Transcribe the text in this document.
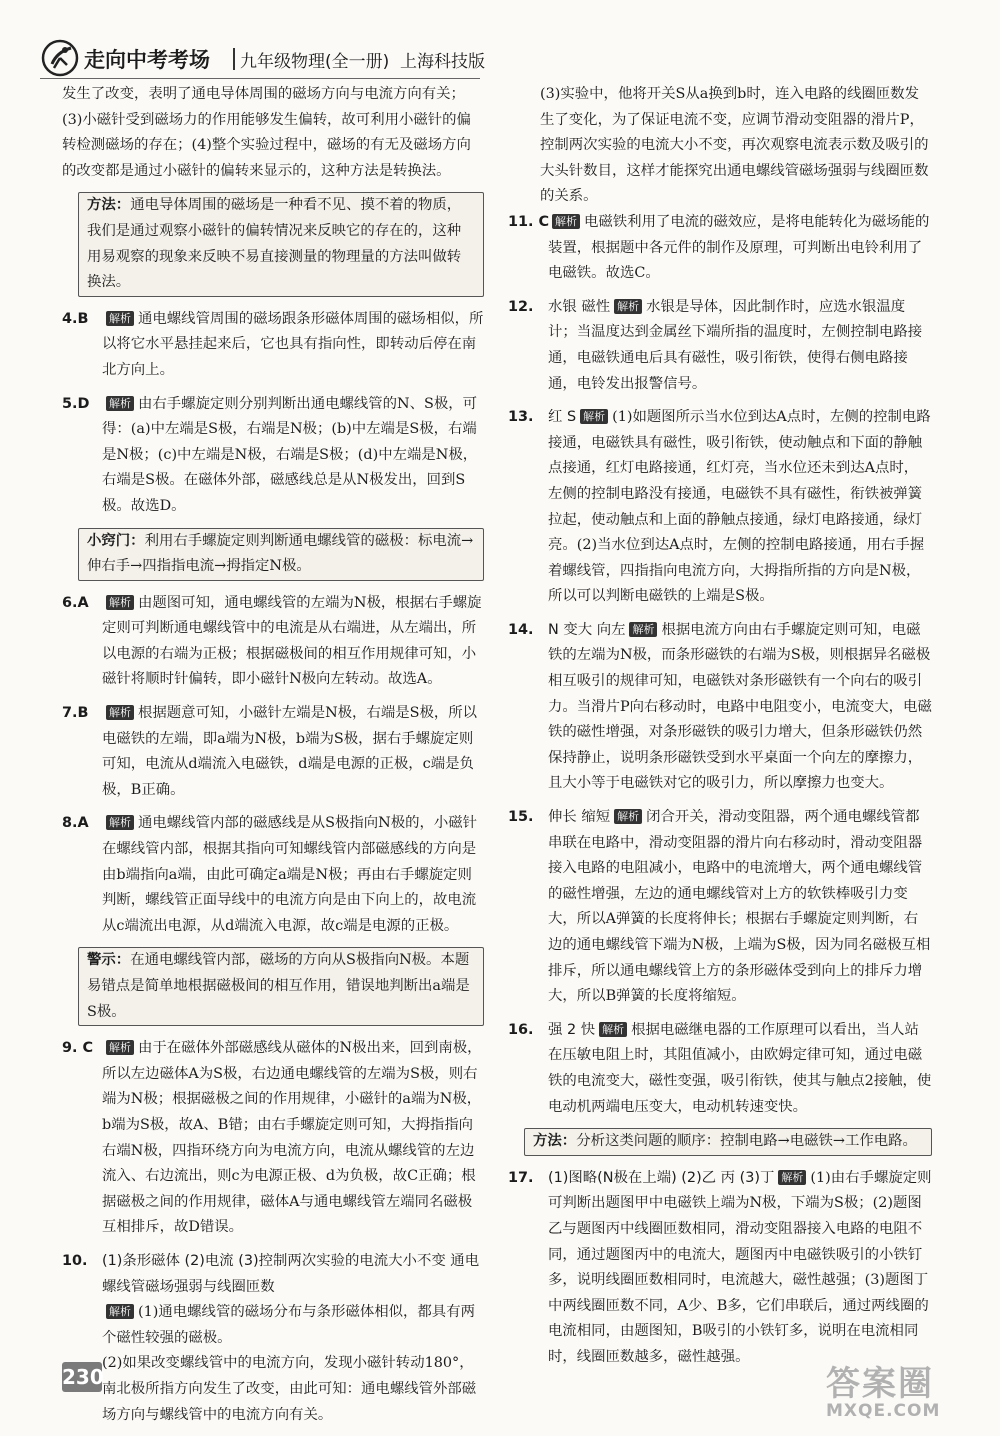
走向中考考场 九年级物理(全一册) 上海科技版

发生了改变，表明了通电导体周围的磁场方向与电流方向有关；(3)小磁针受到磁场力的作用能够发生偏转，故可利用小磁针的偏转检测磁场的存在；(4)整个实验过程中，磁场的有无及磁场方向的改变都是通过小磁针的偏转来显示的，这种方法是转换法。

方法：通电导体周围的磁场是一种看不见、摸不着的物质，我们是通过观察小磁针的偏转情况来反映它的存在的，这种用易观察的现象来反映不易直接测量的物理量的方法叫做转换法。
4.B 解析 通电螺线管周围的磁场跟条形磁体周围的磁场相似，所以将它水平悬挂起来后，它也具有指向性，即转动后停在南北方向上。
5.D 解析 由右手螺旋定则分别判断出通电螺线管的N、S极，可得：(a)中左端是S极，右端是N极；(b)中左端是S极，右端是N极；(c)中左端是N极，右端是S极；(d)中左端是N极，右端是S极。在磁体外部，磁感线总是从N极发出，回到S极。故选D。
小窍门：利用右手螺旋定则判断通电螺线管的磁极：标电流→伸右手→四指指电流→拇指定N极。
6.A 解析 由题图可知，通电螺线管的左端为N极，根据右手螺旋定则可判断通电螺线管中的电流是从右端进，从左端出，所以电源的右端为正极；根据磁极间的相互作用规律可知，小磁针将顺时针偏转，即小磁针N极向左转动。故选A。
7.B 解析 根据题意可知，小磁针左端是N极，右端是S极，所以电磁铁的左端，即a端为N极，b端为S极，据右手螺旋定则可知，电流从d端流入电磁铁，d端是电源的正极，c端是负极，B正确。
8.A 解析 通电螺线管内部的磁感线是从S极指向N极的，小磁针在螺线管内部，根据其指向可知螺线管内部磁感线的方向是由b端指向a端，由此可确定a端是N极；再由右手螺旋定则判断，螺线管正面导线中的电流方向是由下向上的，故电流从c端流出电源，从d端流入电源，故c端是电源的正极。
警示：在通电螺线管内部，磁场的方向从S极指向N极。本题易错点是简单地根据磁极间的相互作用，错误地判断出a端是S极。
9. C 解析 由于在磁体外部磁感线从磁体的N极出来，回到南极，所以左边磁体A为S极，右边通电螺线管的左端为S极，则右端为N极；根据磁极之间的作用规律，小磁针的a端为N极，b端为S极，故A、B错；由右手螺旋定则可知，大拇指指向右端N极，四指环绕方向为电流方向，电流从螺线管的左边流入、右边流出，则c为电源正极、d为负极，故C正确；根据磁极之间的作用规律，磁体A与通电螺线管左端同名磁极互相排斥，故D错误。
10. (1)条形磁体 (2)电流 (3)控制两次实验的电流大小不变 通电螺线管磁场强弱与线圈匝数

解析 (1)通电螺线管的磁场分布与条形磁体相似，都具有两个磁性较强的磁极。

(2)如果改变螺线管中的电流方向，发现小磁针转动180°，南北极所指方向发生了改变，由此可知：通电螺线管外部磁场方向与螺线管中的电流方向有关。

(3)实验中，他将开关S从a换到b时，连入电路的线圈匝数发生了变化，为了保证电流不变，应调节滑动变阻器的滑片P，控制两次实验的电流大小不变，再次观察电流表示数及吸引的大头针数目，这样才能探究出通电螺线管磁场强弱与线圈匝数的关系。

11. C 解析 电磁铁利用了电流的磁效应，是将电能转化为磁场能的装置，根据题中各元件的制作及原理，可判断出电铃利用了电磁铁。故选C。
12. 水银 磁性 解析 水银是导体，因此制作时，应选水银温度计；当温度达到金属丝下端所指的温度时，左侧控制电路接通，电磁铁通电后具有磁性，吸引衔铁，使得右侧电路接通，电铃发出报警信号。
13. 红 S 解析 (1)如题图所示当水位到达A点时，左侧的控制电路接通，电磁铁具有磁性，吸引衔铁，使动触点和下面的静触点接通，红灯电路接通，红灯亮，当水位还未到达A点时，左侧的控制电路没有接通，电磁铁不具有磁性，衔铁被弹簧拉起，使动触点和上面的静触点接通，绿灯电路接通，绿灯亮。(2)当水位到达A点时，左侧的控制电路接通，用右手握着螺线管，四指指向电流方向，大拇指所指的方向是N极，所以可以判断电磁铁的上端是S极。
14. N 变大 向左 解析 根据电流方向由右手螺旋定则可知，电磁铁的左端为N极，而条形磁铁的右端为S极，则根据异名磁极相互吸引的规律可知，电磁铁对条形磁铁有一个向右的吸引力。当滑片P向右移动时，电路中电阻变小，电流变大，电磁铁的磁性增强，对条形磁铁的吸引力增大，但条形磁铁仍然保持静止，说明条形磁铁受到水平桌面一个向左的摩擦力，且大小等于电磁铁对它的吸引力，所以摩擦力也变大。
15. 伸长 缩短 解析 闭合开关，滑动变阻器，两个通电螺线管都串联在电路中，滑动变阻器的滑片向右移动时，滑动变阻器接入电路的电阻减小，电路中的电流增大，两个通电螺线管的磁性增强，左边的通电螺线管对上方的软铁棒吸引力变大，所以A弹簧的长度将伸长；根据右手螺旋定则判断，右边的通电螺线管下端为N极，上端为S极，因为同名磁极互相排斥，所以通电螺线管上方的条形磁体受到向上的排斥力增大，所以B弹簧的长度将缩短。
16. 强 2 快 解析 根据电磁继电器的工作原理可以看出，当人站在压敏电阻上时，其阻值减小，由欧姆定律可知，通过电磁铁的电流变大，磁性变强，吸引衔铁，使其与触点2接触，使电动机两端电压变大，电动机转速变快。
方法：分析这类问题的顺序：控制电路→电磁铁→工作电路。
17. (1)图略(N极在上端) (2)乙 丙 (3)丁 解析 (1)由右手螺旋定则可判断出题图甲中电磁铁上端为N极，下端为S极；(2)题图乙与题图丙中线圈匝数相同，滑动变阻器接入电路的电阻不同，通过题图丙中的电流大，题图丙中电磁铁吸引的小铁钉多，说明线圈匝数相同时，电流越大，磁性越强；(3)题图丁中两线圈匝数不同，A少、B多，它们串联后，通过两线圈的电流相同，由题图知，B吸引的小铁钉多，说明在电流相同时，线圈匝数越多，磁性越强。
230	答案圈
MXQE.COM
